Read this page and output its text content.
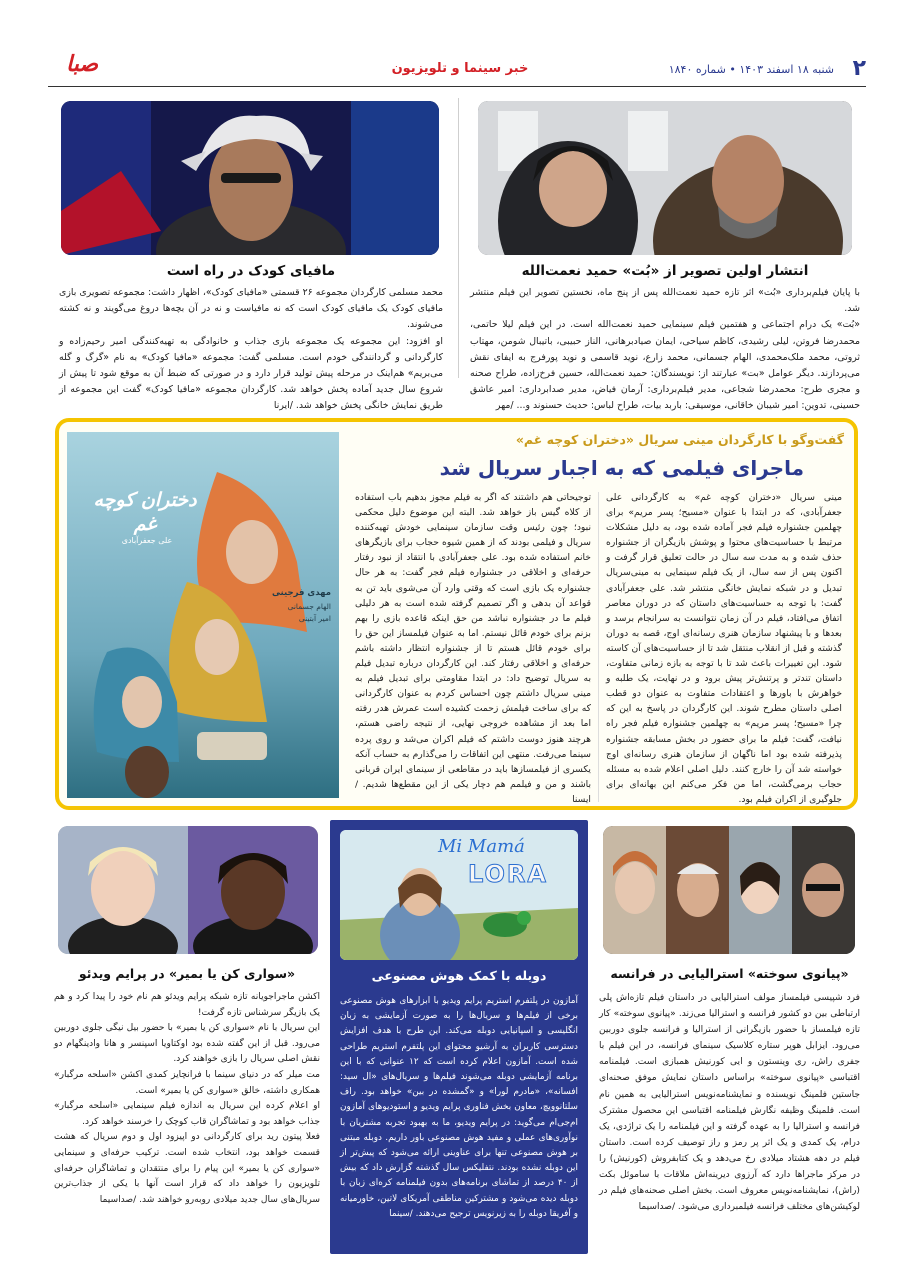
۲
شنبه ۱۸ اسفند ۱۴۰۳ • شماره ۱۸۴۰
خبر سینما و تلویزیون
صبا
انتشار اولین تصویر از «بُت» حمید نعمت‌الله

با پایان فیلم‌برداری «بُت» اثر تازه حمید نعمت‌الله پس از پنج ماه، نخستین تصویر این فیلم منتشر شد.

«بُت» یک درام اجتماعی و هفتمین فیلم سینمایی حمید نعمت‌الله است. در این فیلم لیلا حاتمی، محمدرضا فروتن، لیلی رشیدی، کاظم سیاحی، ایمان صیادبرهانی، الناز حبیبی، باتیبال شومن، مهتاب ثروتی، محمد ملک‌محمدی، الهام جسمانی، محمد زارع، نوید قاسمی و نوید پورفرج به ایفای نقش می‌پردازند. دیگر عوامل «بت» عبارتند از: نویسندگان: حمید نعمت‌الله، حسین فرخ‌زاده، طراح صحنه و مجری طرح: محمدرضا شجاعی، مدیر فیلم‌برداری: آرمان فیاض، مدیر صدابرداری: امیر عاشق حسینی، تدوین: امیر شیبان خاقانی، موسیقی: باربد بیات، طراح لباس: حدیث حسنوند و... /مهر

مافیای کودک در راه است

محمد مسلمی کارگردان مجموعه ۲۶ قسمتی «مافیای کودک»، اظهار داشت: مجموعه تصویری بازی مافیای کودک یک مافیای کودک است که نه مافیاست و نه در آن بچه‌ها دروغ می‌گویند و نه کشته می‌شوند.

او افزود: این مجموعه یک مجموعه بازی جذاب و خانوادگی به تهیه‌کنندگی امیر رحیم‌زاده و کارگردانی و گردانندگی خودم است. مسلمی گفت: مجموعه «مافیا کودک» به نام «گرگ و گله می‌بریم» هم‌اینک در مرحله پیش تولید قرار دارد و در صورتی که ضبط آن به موقع شود تا پیش از شروع سال جدید آماده پخش خواهد شد. کارگردان مجموعه «مافیا کودک» گفت این مجموعه از طریق نمایش خانگی پخش خواهد شد. /ایرنا

گفت‌وگو با کارگردان مینی سریال «دختران کوچه غم»
ماجرای فیلمی که به اجبار سریال شد
مینی سریال «دختران کوچه غم» به کارگردانی علی جعفرآبادی، که در ابتدا با عنوان «مسیح؛ پسر مریم» برای چهلمین جشنواره فیلم فجر آماده شده بود، به دلیل مشکلات مرتبط با حساسیت‌های محتوا و پوشش بازیگران از جشنواره حذف شده و به مدت سه سال در حالت تعلیق قرار گرفت و اکنون پس از سه سال، از یک فیلم سینمایی به مینی‌سریال تبدیل و در شبکه نمایش خانگی منتشر شد. علی جعفرآبادی گفت: با توجه به حساسیت‌های داستان که در دوران معاصر اتفاق می‌افتاد، فیلم در آن زمان نتوانست به سرانجام برسد و بعدها و با پیشنهاد سازمان هنری رسانه‌ای اوج، قصه به دوران گذشته و قبل از انقلاب منتقل شد تا از حساسیت‌های آن کاسته شود. این تغییرات باعث شد تا با توجه به بازه زمانی متفاوت، داستان تندتر و پرتنش‌تر پیش برود و در نهایت، یک طلبه و خواهرش با باورها و اعتقادات متفاوت به عنوان دو قطب اصلی داستان مطرح شوند. این کارگردان در پاسخ به این که چرا «مسیح؛ پسر مریم» به چهلمین جشنواره فیلم فجر راه نیافت، گفت: فیلم ما برای حضور در بخش مسابقه جشنواره پذیرفته شده بود اما ناگهان از سازمان هنری رسانه‌ای اوج خواسته شد آن را خارج کنند. دلیل اصلی اعلام شده به مسئله حجاب برمی‌گشت، اما من فکر می‌کنم این بهانه‌ای برای جلوگیری از اکران فیلم بود.
توجیحاتی هم داشتند که اگر به فیلم مجوز بدهیم باب استفاده از کلاه گیس باز خواهد شد. البته این موضوع دلیل محکمی نبود؛ چون رئیس وقت سازمان سینمایی خودش تهیه‌کننده سریال و فیلمی بودند که از همین شیوه حجاب برای بازیگرهای خانم استفاده شده بود. علی جعفرآبادی با انتقاد از نبود رفتار حرفه‌ای و اخلاقی در جشنواره فیلم فجر گفت: به هر حال جشنواره یک بازی است که وقتی وارد آن می‌شوی باید تن به قواعد آن بدهی و اگر تصمیم گرفته شده است به هر دلیلی فیلم ما در جشنواره نباشد من حق اینکه قاعده بازی را بهم بزنم برای خودم قائل نیستم. اما به عنوان فیلمساز این حق را برای خودم قائل هستم تا از جشنواره انتظار داشته باشم حرفه‌ای و اخلاقی رفتار کند. این کارگردان درباره تبدیل فیلم به سریال توضیح داد: در ابتدا مقاومتی برای تبدیل فیلم به مینی سریال داشتم چون احساس کردم به عنوان کارگردانی که برای ساخت فیلمش زحمت کشیده است عمرش هدر رفته اما بعد از مشاهده خروجی نهایی، از نتیجه راضی هستم، هرچند هنوز دوست داشتم که فیلم اکران می‌شد و روی پرده سینما می‌رفت. منتهی این اتفاقات را می‌گذارم به حساب آنکه یکسری از فیلمسازها باید در مقاطعی از سینمای ایران قربانی باشند و من و فیلمم هم دچار یکی از این مقطع‌ها شدیم. /ایسنا
دختران کوچه غم
علی جعفرآبادی
مهدی فرجینی
الهام جسمانی
امیر آبتینی
«پیانوی سوخته» استرالیایی در فرانسه

فرد شپیسی فیلمساز مولف استرالیایی در داستان فیلم تازه‌اش پلی ارتباطی بین دو کشور فرانسه و استرالیا می‌زند. «پیانوی سوخته» کار تازه فیلمساز با حضور بازیگرانی از استرالیا و فرانسه جلوی دوربین می‌رود. ایزابل هوپر ستاره کلاسیک سینمای فرانسه، در این فیلم با جفری راش، ری وینستون و ایی کورنیش همبازی است. فیلمنامه اقتباسی «پیانوی سوخته» براساس داستان نمایش موفق صحنه‌ای جاستین فلمینگ نویسنده و نمایشنامه‌نویس استرالیایی به همین نام است. فلمینگ وظیفه نگارش فیلمنامه اقتباسی این محصول مشترک فرانسه و استرالیا را به عهده گرفته و این فیلمنامه را یک تراژدی، یک درام، یک کمدی و یک اثر پر رمز و راز توصیف کرده است. داستان فیلم در دهه هشتاد میلادی رخ می‌دهد و یک کتابفروش (کورنیش) را در مرکز ماجراها دارد که آرزوی دیرینه‌اش ملاقات با ساموئل بکت (راش)، نمایشنامه‌نویس معروف است. بخش اصلی صحنه‌های فیلم در لوکیشن‌های مختلف فرانسه فیلمبرداری می‌شود. /صداسیما

Mi Mamá
LORA
دوبله با کمک هوش مصنوعی

آمازون در پلتفرم استریم پرایم ویدیو با ابزارهای هوش مصنوعی برخی از فیلم‌ها و سریال‌ها را به صورت آزمایشی به زبان انگلیسی و اسپانیایی دوبله می‌کند. این طرح با هدف افزایش دسترسی کاربران به آرشیو محتوای این پلتفرم استریم طراحی شده است. آمازون اعلام کرده است که ۱۲ عنوانی که با این برنامه آزمایشی دوبله می‌شوند فیلم‌ها و سریال‌های «ال سید: افسانه»، «مادرم لورا» و «گمشده در بین» خواهد بود. راف سلتانوویچ، معاون بخش فناوری پرایم ویدیو و استودیوهای آمازون ام‌جی‌ام می‌گوید: در پرایم ویدیو، ما به بهبود تجربه مشتریان با نوآوری‌های عملی و مفید هوش مصنوعی باور داریم. دوبله مبتنی بر هوش مصنوعی تنها برای عناوینی ارائه می‌شود که پیش‌تر از این دوبله نشده بودند. نتفلیکس سال گذشته گزارش داد که بیش از ۴۰ درصد از تماشای برنامه‌های بدون فیلمنامه کره‌ای زبان با دوبله دیده می‌شود و مشترکین مناطقی آمریکای لاتین، خاورمیانه و آفریقا دوبله را به زیرنویس ترجیح می‌دهند. /سینما

«سواری کن یا بمیر» در پرایم ویدئو

اکشن ماجراجویانه تازه شبکه پرایم ویدئو هم نام خود را پیدا کرد و هم یک بازیگر سرشناس تازه گرفت!

این سریال با نام «سواری کن یا بمیر» با حضور بیل نیگی جلوی دوربین می‌رود. قبل از این گفته شده بود اوکتاویا اسپنسر و هانا وادینگهام دو نقش اصلی سریال را بازی خواهند کرد.

مت میلر که در دنیای سینما با فرانچایز کمدی اکشن «اسلحه مرگبار» همکاری داشته، خالق «سواری کن یا بمیر» است.

او اعلام کرده این سریال به اندازه فیلم سینمایی «اسلحه مرگبار» جذاب خواهد بود و تماشاگران قاب کوچک را خرسند خواهد کرد.

فعلا پیتون رید برای کارگردانی دو اپیزود اول و دوم سریال که هشت قسمت خواهد بود، انتخاب شده است. ترکیب حرفه‌ای و سینمایی «سواری کن یا بمیر» این پیام را برای منتقدان و تماشاگران حرفه‌ای تلویزیون را خواهد داد که قرار است آنها با یکی از جذاب‌ترین سریال‌های سال جدید میلادی روبه‌رو خواهند شد. /صداسیما
